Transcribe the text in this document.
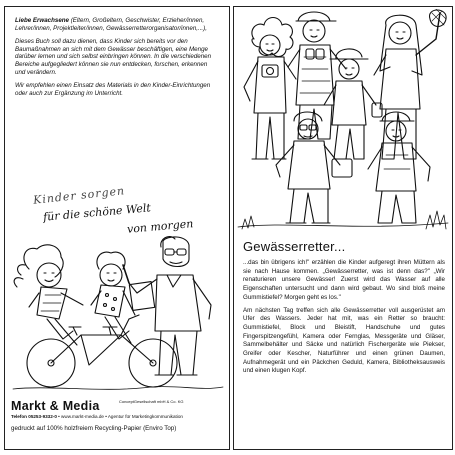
Liebe Erwachsene (Eltern, Großeltern, Geschwister, Erzieher/innen, Lehrer/innen, Projektleiter/innen, Gewässerretterorganisator/innen,...),

Dieses Buch soll dazu dienen, dass Kinder sich bereits vor den Baumaßnahmen an sich mit dem Gewässer beschäftigen, eine Menge darüber lernen und sich selbst einbringen können. In die verschiedenen Bereiche aufgegliedert können sie nun entdecken, forschen, erkennen und verändern.

Wir empfehlen einen Einsatz des Materials in den Kinder-Einrichtungen oder auch zur Ergänzung im Unterricht.

Kinder sorgen
für die schöne Welt
von morgen
Markt & Media	ConceptGesellschaft mbH & Co. KG
Telefon 05253-9332-0 • www.markt-media.de • Agentur für Marketingkommunikation
gedruckt auf 100% holzfreiem Recycling-Papier (Enviro Top)
Gewässerretter...

...das bin übrigens ich!" erzählen die Kinder aufgeregt ihren Müttern als sie nach Hause kommen. „Gewässerretter, was ist denn das?" „Wir renaturieren unsere Gewässer! Zuerst wird das Wasser auf alle Eigenschaften untersucht und dann wird gebaut. Wo sind bloß meine Gummistiefel? Morgen geht es los."

Am nächsten Tag treffen sich alle Gewässerretter voll ausgerüstet am Ufer des Wassers. Jeder hat mit, was ein Retter so braucht: Gummistiefel, Block und Bleistift, Handschuhe und gutes Fingerspitzengefühl, Kamera oder Fernglas, Messgeräte und Gläser, Sammelbehälter und Säcke und natürlich Fischergeräte wie Piekser, Greifer oder Kescher, Naturführer und einen grünen Daumen, Aufnahmegerät und ein Päckchen Geduld, Kamera, Bibliotheksausweis und einen klugen Kopf.
